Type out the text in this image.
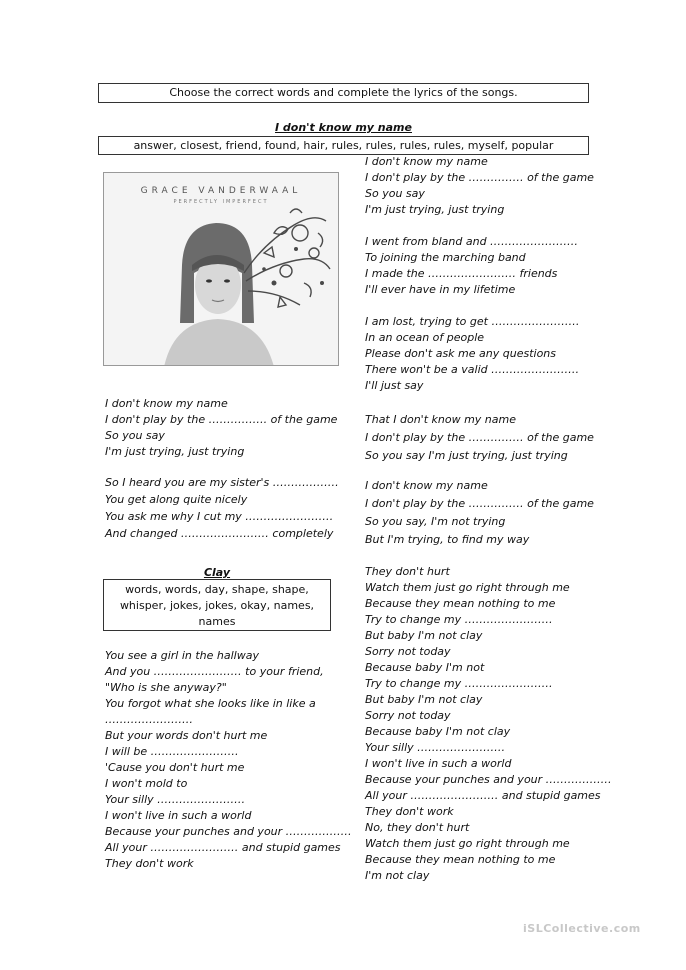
Choose the correct words and complete the lyrics of the songs.
I don't know my name
answer, closest, friend, found, hair, rules, rules, rules, rules, myself, popular
GRACE VANDERWAAL
PERFECTLY IMPERFECT
I don't know my name
I don't play by the …………… of the game
So you say
I'm just trying, just trying
I went from bland and ……………………
To joining the marching band
I made the …………………… friends
I'll ever have in my lifetime
I am lost, trying to get ……………………
In an ocean of people
Please don't ask me any questions
There won't be a valid ……………………
I'll just say
That I don't know my name
I don't play by the …………… of the game
So you say I'm just trying, just trying
I don't know my name
I don't play by the …………… of the game
So you say, I'm not trying
But I'm trying, to find my way
I don't know my name
I don't play by the ……………. of the game
So you say
I'm just trying, just trying
So I heard you are my sister's ………………
You get along quite nicely
You ask me why I cut my ……………………
And changed …………………… completely
Clay
words, words, day, shape, shape,
whisper, jokes, jokes, okay, names,
names
You see a girl in the hallway
And you …………………… to your friend,
"Who is she anyway?"
You forgot what she looks like in like a
……………………
But your words don't hurt me
I will be ……………………
'Cause you don't hurt me
I won't mold to
Your silly ……………………
I won't live in such a world
Because your punches and your ………………
All your …………………… and stupid games
They don't work
They don't hurt
Watch them just go right through me
Because they mean nothing to me
Try to change my ……………………
But baby I'm not clay
Sorry not today
Because baby I'm not
Try to change my ……………………
But baby I'm not clay
Sorry not today
Because baby I'm not clay
Your silly ……………………
I won't live in such a world
Because your punches and your ………………
All your …………………… and stupid games
They don't work
No, they don't hurt
Watch them just go right through me
Because they mean nothing to me
I'm not clay
iSLCollective.com
